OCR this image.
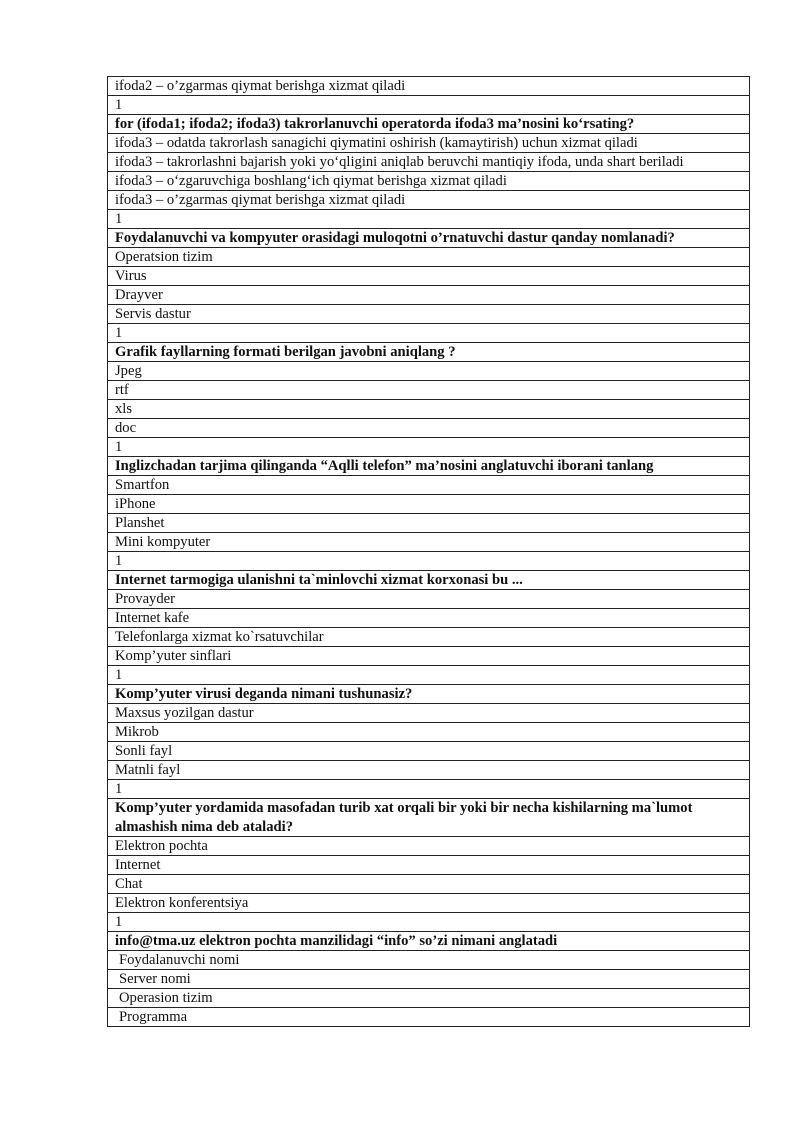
ifoda2 – o’zgarmas qiymat berishga xizmat qiladi
1
for (ifoda1; ifoda2; ifoda3) takrorlanuvchi operatorda ifoda3 ma’nosini ko‘rsating?
ifoda3 – odatda takrorlash sanagichi qiymatini oshirish (kamaytirish) uchun xizmat qiladi
ifoda3 – takrorlashni bajarish yoki yo‘qligini aniqlab beruvchi mantiqiy ifoda, unda shart beriladi
ifoda3 – o‘zgaruvchiga boshlang‘ich qiymat berishga xizmat qiladi
ifoda3 – o’zgarmas qiymat berishga xizmat qiladi
1
Foydalanuvchi va kompyuter orasidagi muloqotni o’rnatuvchi dastur qanday nomlanadi?
Operatsion tizim
Virus
Drayver
Servis dastur
1
Grafik fayllarning formati berilgan javobni aniqlang ?
Jpeg
rtf
xls
doc
1
Inglizchadan tarjima qilinganda “Aqlli telefon” ma’nosini anglatuvchi iborani tanlang
Smartfon
iPhone
Planshet
Mini kompyuter
1
Internet tarmogiga ulanishni ta`minlovchi xizmat korxonasi bu ...
Provayder
Internet kafe
Telefonlarga xizmat ko`rsatuvchilar
Komp’yuter sinflari
1
Komp’yuter virusi deganda nimani tushunasiz?
Maxsus yozilgan dastur
Mikrob
Sonli fayl
Matnli fayl
1
Komp’yuter yordamida masofadan turib xat orqali bir yoki bir necha kishilarning ma`lumot almashish nima deb ataladi?
Elektron pochta
Internet
Chat
Elektron konferentsiya
1
info@tma.uz elektron pochta manzilidagi “info” so’zi nimani anglatadi
Foydalanuvchi nomi
Server nomi
Operasion tizim
Programma
